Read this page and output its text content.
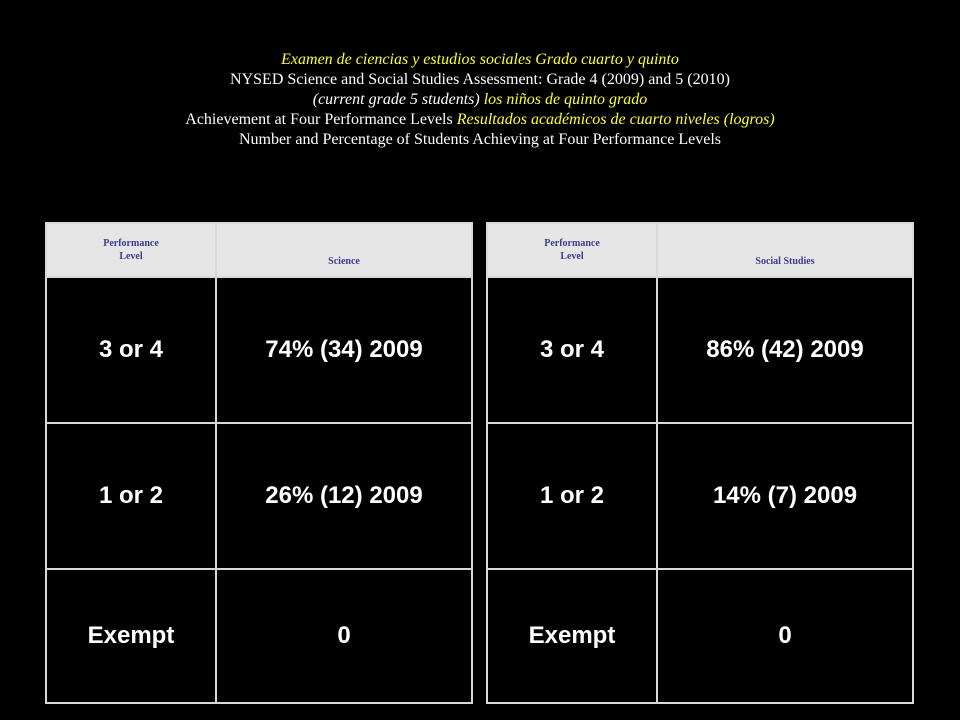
Examen de ciencias y estudios sociales Grado cuarto y quinto
NYSED Science and Social Studies Assessment: Grade 4 (2009) and 5 (2010)
(current grade 5 students) los niños de quinto grado
Achievement at Four Performance Levels Resultados académicos de cuarto niveles (logros)
Number and Percentage of Students Achieving at Four Performance Levels
Performance
Level	Science
3 or 4	74% (34) 2009
1 or 2	26% (12) 2009
Exempt	0
Performance
Level	Social Studies
3 or 4	86% (42) 2009
1 or 2	14% (7) 2009
Exempt	0
